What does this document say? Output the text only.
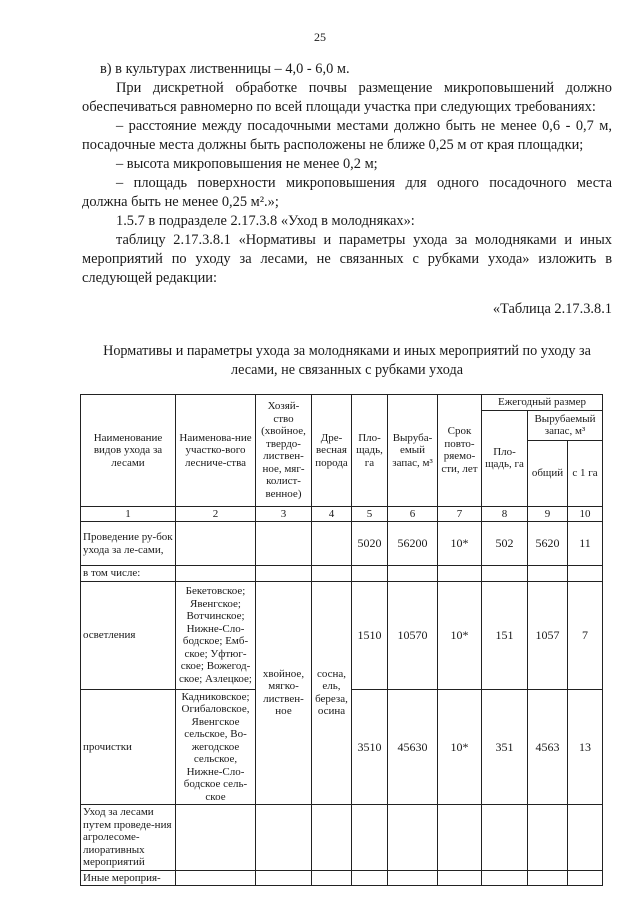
25

в) в культурах лиственницы – 4,0 - 6,0 м.

При дискретной обработке почвы размещение микроповышений должно обеспечиваться равномерно по всей площади участка при следующих требованиях:

– расстояние между посадочными местами должно быть не менее 0,6 - 0,7 м, посадочные места должны быть расположены не ближе 0,25 м от края площадки;

– высота микроповышения не менее 0,2 м;

– площадь поверхности микроповышения для одного посадочного места должна быть не менее 0,25 м².»;

1.5.7 в подразделе 2.17.3.8 «Уход в молодняках»:

таблицу 2.17.3.8.1 «Нормативы и параметры ухода за молодняками и иных мероприятий по уходу за лесами, не связанных с рубками ухода» изложить в следующей редакции:

«Таблица 2.17.3.8.1

Нормативы и параметры ухода за молодняками и иных мероприятий по уходу за лесами, не связанных с рубками ухода
Наименование видов ухода за лесами	Наименова-ние участко-вого лесниче-ства	Хозяй-ство (хвойное, твердо-листвен-ное, мяг-колист-венное)	Дре-весная порода	Пло-щадь, га	Выруба-емый запас, м³	Срок повто-ряемо-сти, лет	Ежегодный размер		
							Пло-щадь, га	Вырубаемый запас, м³	
								общий	с 1 га
1	2	3	4	5	6	7	8	9	10
Проведение ру-бок ухода за ле-сами,				5020	56200	10*	502	5620	11
в том числе:									
осветления	Бекетовское; Явенгское; Вотчинское; Нижне-Сло-бодское; Емб-ское; Уфтюг-ское; Вожегод-ское; Азлецкое;	хвойное, мягко-листвен-ное	сосна, ель, береза, осина	1510	10570	10*	151	1057	7
прочистки	Кадниковское; Огибаловское, Явенгское сельское, Во-жегодское сельское, Нижне-Сло-бодское сель-ское			3510	45630	10*	351	4563	13
Уход за лесами путем проведе-ния агролесоме-лиоративных мероприятий									
Иные мероприя-									
